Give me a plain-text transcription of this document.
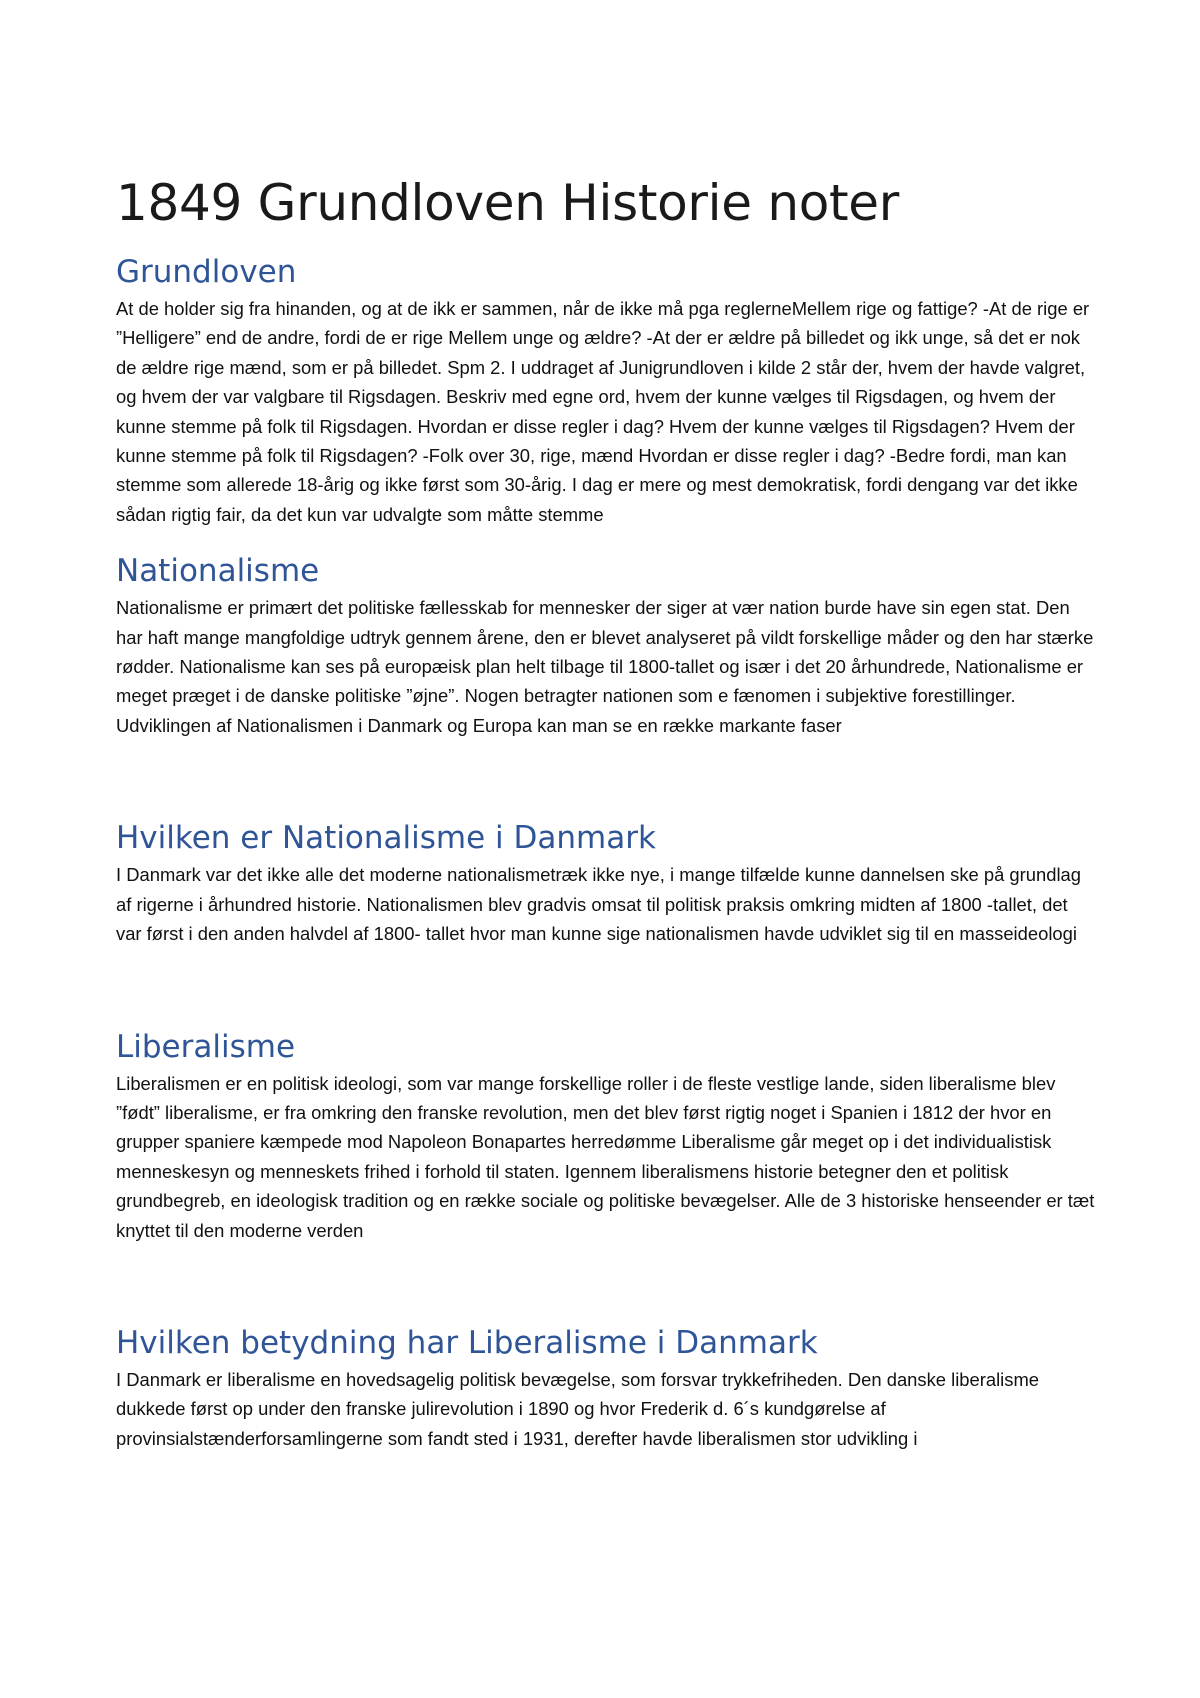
1849 Grundloven Historie noter
Grundloven

At de holder sig fra hinanden, og at de ikk er sammen, når de ikke må pga reglerneMellem rige og fattige? -At de rige er ”Helligere” end de andre, fordi de er rige Mellem unge og ældre? -At der er ældre på billedet og ikk unge, så det er nok de ældre rige mænd, som er på billedet. Spm 2. I uddraget af Junigrundloven i kilde 2 står der, hvem der havde valgret, og hvem der var valgbare til Rigsdagen. Beskriv med egne ord, hvem der kunne vælges til Rigsdagen, og hvem der kunne stemme på folk til Rigsdagen. Hvordan er disse regler i dag? Hvem der kunne vælges til Rigsdagen? Hvem der kunne stemme på folk til Rigsdagen? -Folk over 30, rige, mænd Hvordan er disse regler i dag? -Bedre fordi, man kan stemme som allerede 18-årig og ikke først som 30-årig. I dag er mere og mest demokratisk, fordi dengang var det ikke sådan rigtig fair, da det kun var udvalgte som måtte stemme

Nationalisme

Nationalisme er primært det politiske fællesskab for mennesker der siger at vær nation burde have sin egen stat. Den har haft mange mangfoldige udtryk gennem årene, den er blevet analyseret på vildt forskellige måder og den har stærke rødder. Nationalisme kan ses på europæisk plan helt tilbage til 1800-tallet og især i det 20 århundrede, Nationalisme er meget præget i de danske politiske ”øjne”. Nogen betragter nationen som e fænomen i subjektive forestillinger. Udviklingen af Nationalismen i Danmark og Europa kan man se en række markante faser

Hvilken er Nationalisme i Danmark

I Danmark var det ikke alle det moderne nationalismetræk ikke nye, i mange tilfælde kunne dannelsen ske på grundlag af rigerne i århundred historie. Nationalismen blev gradvis omsat til politisk praksis omkring midten af 1800 -tallet, det var først i den anden halvdel af 1800- tallet hvor man kunne sige nationalismen havde udviklet sig til en masseideologi

Liberalisme

Liberalismen er en politisk ideologi, som var mange forskellige roller i de fleste vestlige lande, siden liberalisme blev ”født” liberalisme, er fra omkring den franske revolution, men det blev først rigtig noget i Spanien i 1812 der hvor en grupper spaniere kæmpede mod Napoleon Bonapartes herredømme Liberalisme går meget op i det individualistisk menneskesyn og menneskets frihed i forhold til staten. Igennem liberalismens historie betegner den et politisk grundbegreb, en ideologisk tradition og en række sociale og politiske bevægelser. Alle de 3 historiske henseender er tæt knyttet til den moderne verden

Hvilken betydning har Liberalisme i Danmark

I Danmark er liberalisme en hovedsagelig politisk bevægelse, som forsvar trykkefriheden. Den danske liberalisme dukkede først op under den franske julirevolution i 1890 og hvor Frederik d. 6´s kundgørelse af provinsialstænderforsamlingerne som fandt sted i 1931, derefter havde liberalismen stor udvikling i
